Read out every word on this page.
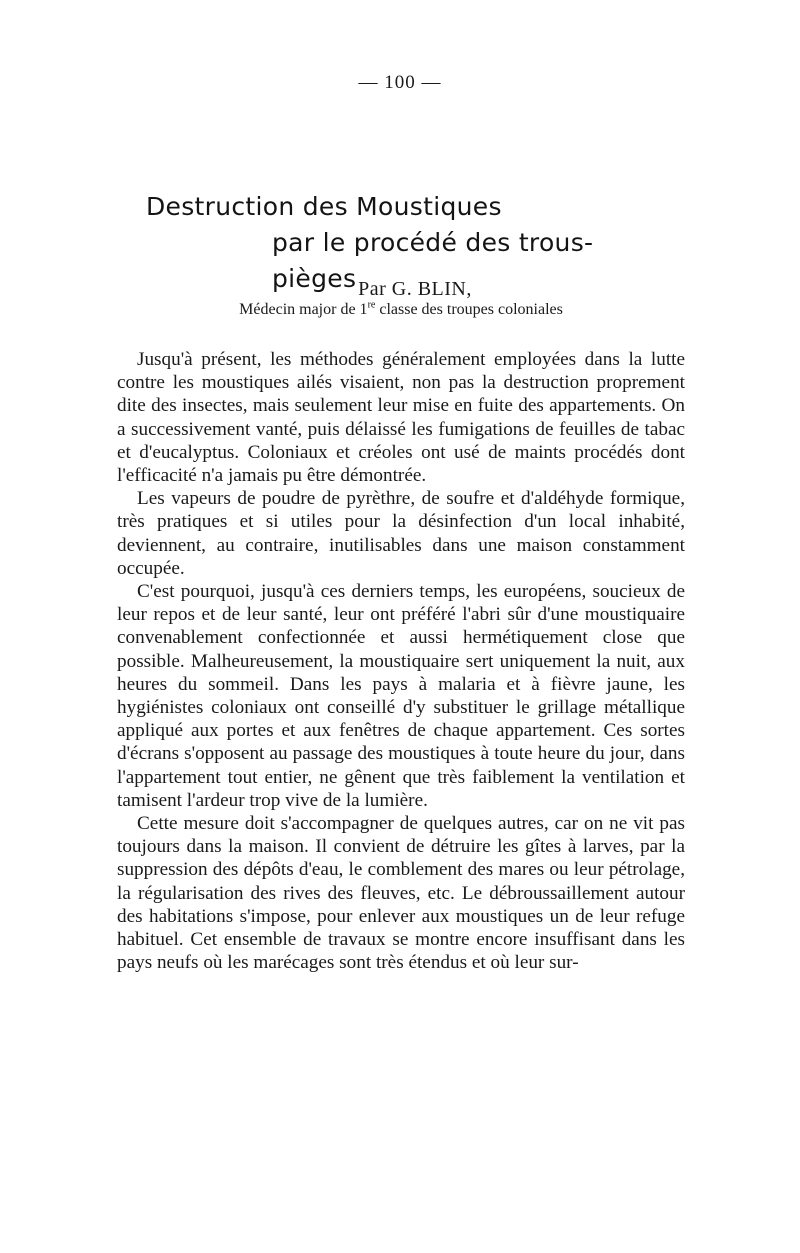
— 100 —
Destruction des Moustiques
par le procédé des trous-pièges Par G. BLIN,
Médecin major de 1re classe des troupes coloniales

Jusqu'à présent, les méthodes généralement employées dans la lutte contre les moustiques ailés visaient, non pas la destruction proprement dite des insectes, mais seulement leur mise en fuite des appartements. On a successivement vanté, puis délaissé les fumigations de feuilles de tabac et d'eucalyptus. Coloniaux et créoles ont usé de maints procédés dont l'efficacité n'a jamais pu être démontrée.

Les vapeurs de poudre de pyrèthre, de soufre et d'aldéhyde formique, très pratiques et si utiles pour la désinfection d'un local inhabité, deviennent, au contraire, inutilisables dans une maison constamment occupée.

C'est pourquoi, jusqu'à ces derniers temps, les européens, soucieux de leur repos et de leur santé, leur ont préféré l'abri sûr d'une moustiquaire convenablement confectionnée et aussi hermétiquement close que possible. Malheureusement, la moustiquaire sert uniquement la nuit, aux heures du sommeil. Dans les pays à malaria et à fièvre jaune, les hygiénistes coloniaux ont conseillé d'y substituer le grillage métallique appliqué aux portes et aux fenêtres de chaque appartement. Ces sortes d'écrans s'opposent au passage des moustiques à toute heure du jour, dans l'appartement tout entier, ne gênent que très faiblement la ventilation et tamisent l'ardeur trop vive de la lumière.

Cette mesure doit s'accompagner de quelques autres, car on ne vit pas toujours dans la maison. Il convient de détruire les gîtes à larves, par la suppression des dépôts d'eau, le comblement des mares ou leur pétrolage, la régularisation des rives des fleuves, etc. Le débroussaillement autour des habitations s'impose, pour enlever aux moustiques un de leur refuge habituel. Cet ensemble de travaux se montre encore insuffisant dans les pays neufs où les marécages sont très étendus et où leur sur-
